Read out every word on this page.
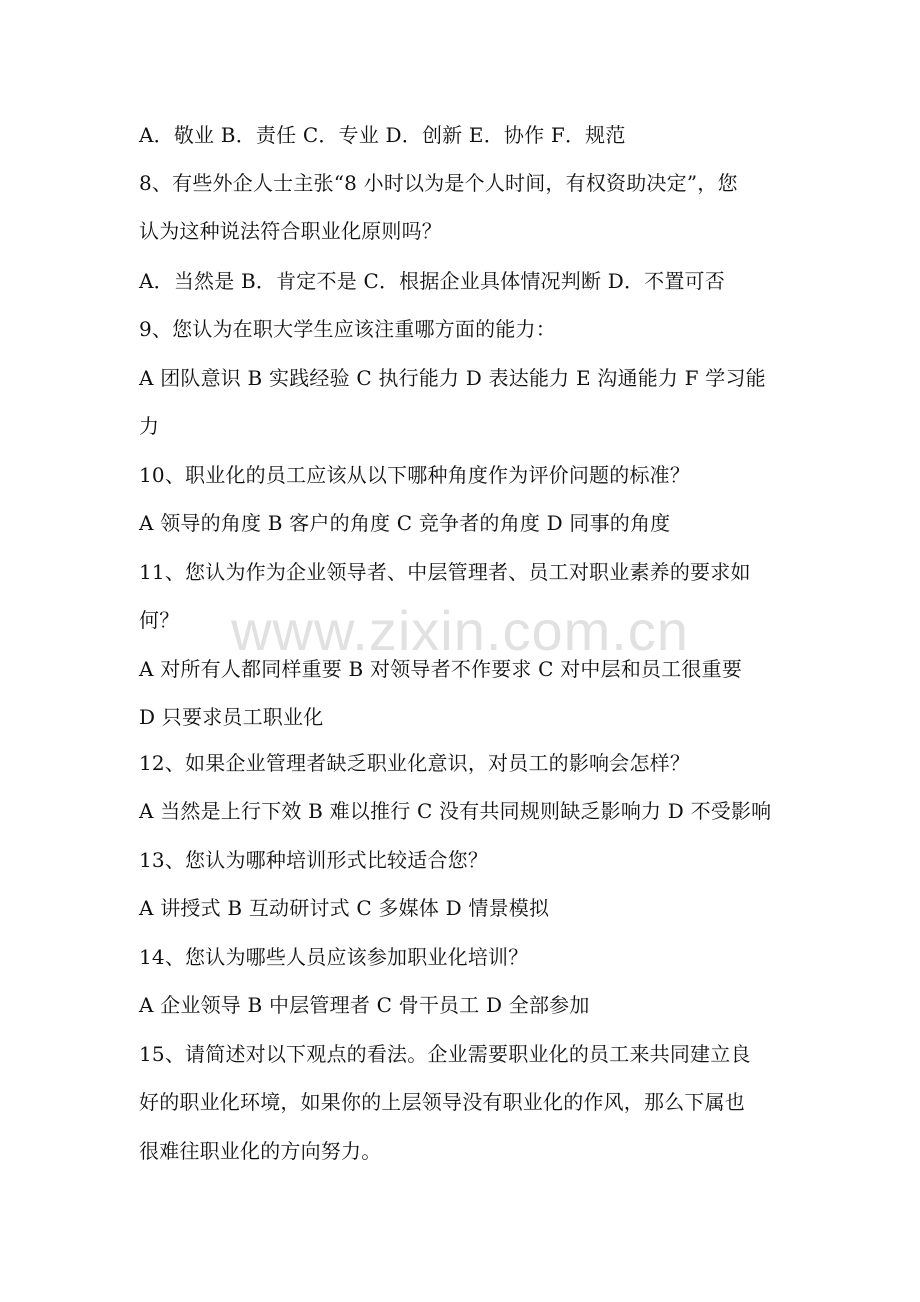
A．敬业 B．责任 C．专业 D．创新 E．协作 F．规范
8、有些外企人士主张“8 小时以为是个人时间，有权资助决定”，您
认为这种说法符合职业化原则吗？
A．当然是 B．肯定不是 C．根据企业具体情况判断 D．不置可否
9、您认为在职大学生应该注重哪方面的能力：
A 团队意识 B 实践经验 C 执行能力 D 表达能力 E 沟通能力 F 学习能
力
10、职业化的员工应该从以下哪种角度作为评价问题的标准？
A 领导的角度 B 客户的角度 C 竞争者的角度 D 同事的角度
11、您认为作为企业领导者、中层管理者、员工对职业素养的要求如
何？
A 对所有人都同样重要 B 对领导者不作要求 C 对中层和员工很重要
D 只要求员工职业化
12、如果企业管理者缺乏职业化意识，对员工的影响会怎样？
A 当然是上行下效 B 难以推行 C 没有共同规则缺乏影响力 D 不受影响
13、您认为哪种培训形式比较适合您？
A 讲授式 B 互动研讨式 C 多媒体 D 情景模拟
14、您认为哪些人员应该参加职业化培训？
A 企业领导 B 中层管理者 C 骨干员工 D 全部参加
15、请简述对以下观点的看法。企业需要职业化的员工来共同建立良
好的职业化环境，如果你的上层领导没有职业化的作风，那么下属也
很难往职业化的方向努力。
www.zixin.com.cn
